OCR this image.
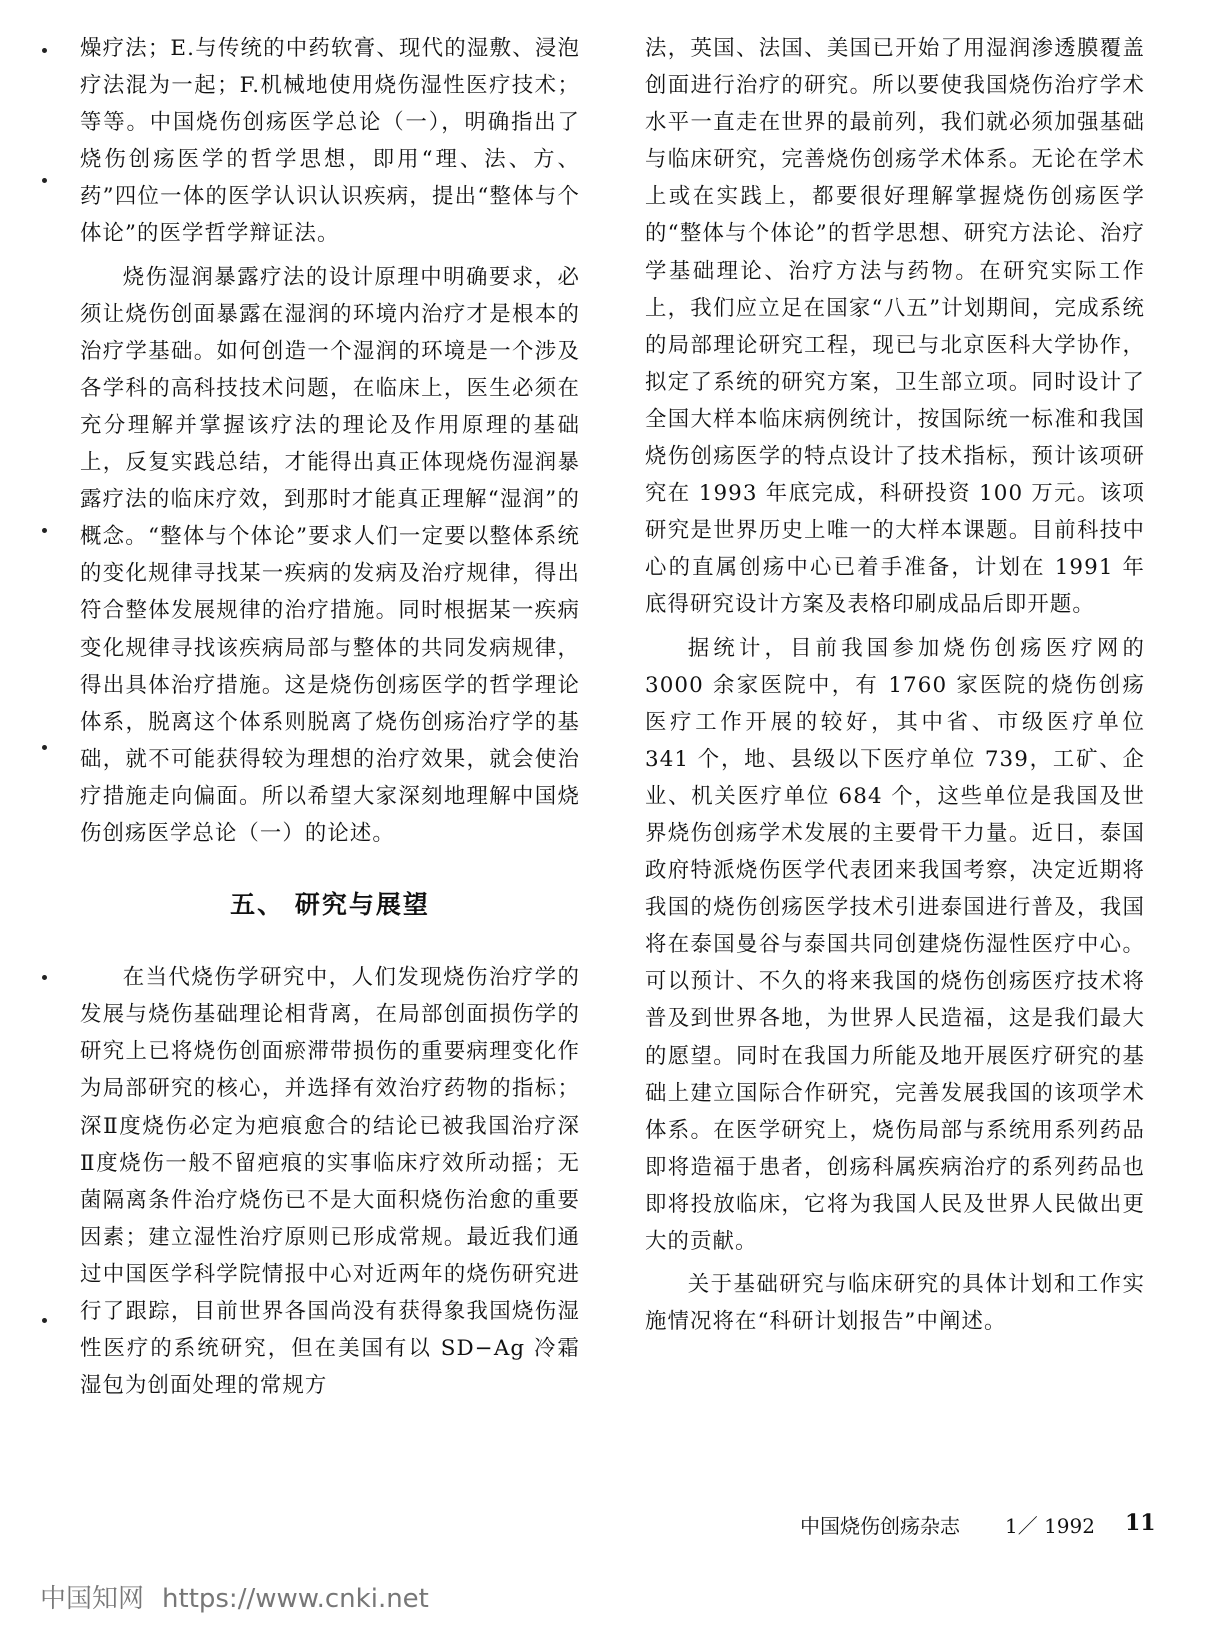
燥疗法；E.与传统的中药软膏、现代的湿敷、浸泡疗法混为一起；F.机械地使用烧伤湿性医疗技术；等等。中国烧伤创疡医学总论（一），明确指出了烧伤创疡医学的哲学思想，即用“理、法、方、药”四位一体的医学认识认识疾病，提出“整体与个体论”的医学哲学辩证法。

烧伤湿润暴露疗法的设计原理中明确要求，必须让烧伤创面暴露在湿润的环境内治疗才是根本的治疗学基础。如何创造一个湿润的环境是一个涉及各学科的高科技技术问题，在临床上，医生必须在充分理解并掌握该疗法的理论及作用原理的基础上，反复实践总结，才能得出真正体现烧伤湿润暴露疗法的临床疗效，到那时才能真正理解“湿润”的概念。“整体与个体论”要求人们一定要以整体系统的变化规律寻找某一疾病的发病及治疗规律，得出符合整体发展规律的治疗措施。同时根据某一疾病变化规律寻找该疾病局部与整体的共同发病规律，得出具体治疗措施。这是烧伤创疡医学的哲学理论体系，脱离这个体系则脱离了烧伤创疡治疗学的基础，就不可能获得较为理想的治疗效果，就会使治疗措施走向偏面。所以希望大家深刻地理解中国烧伤创疡医学总论（一）的论述。

五、 研究与展望

在当代烧伤学研究中，人们发现烧伤治疗学的发展与烧伤基础理论相背离，在局部创面损伤学的研究上已将烧伤创面瘀滞带损伤的重要病理变化作为局部研究的核心，并选择有效治疗药物的指标；深Ⅱ度烧伤必定为疤痕愈合的结论已被我国治疗深Ⅱ度烧伤一般不留疤痕的实事临床疗效所动摇；无菌隔离条件治疗烧伤已不是大面积烧伤治愈的重要因素；建立湿性治疗原则已形成常规。最近我们通过中国医学科学院情报中心对近两年的烧伤研究进行了跟踪，目前世界各国尚没有获得象我国烧伤湿性医疗的系统研究，但在美国有以 SD−Ag 冷霜湿包为创面处理的常规方

法，英国、法国、美国已开始了用湿润渗透膜覆盖创面进行治疗的研究。所以要使我国烧伤治疗学术水平一直走在世界的最前列，我们就必须加强基础与临床研究，完善烧伤创疡学术体系。无论在学术上或在实践上，都要很好理解掌握烧伤创疡医学的“整体与个体论”的哲学思想、研究方法论、治疗学基础理论、治疗方法与药物。在研究实际工作上，我们应立足在国家“八五”计划期间，完成系统的局部理论研究工程，现已与北京医科大学协作，拟定了系统的研究方案，卫生部立项。同时设计了全国大样本临床病例统计，按国际统一标准和我国烧伤创疡医学的特点设计了技术指标，预计该项研究在 1993 年底完成，科研投资 100 万元。该项研究是世界历史上唯一的大样本课题。目前科技中心的直属创疡中心已着手准备，计划在 1991 年底得研究设计方案及表格印刷成品后即开题。

据统计，目前我国参加烧伤创疡医疗网的 3000 余家医院中，有 1760 家医院的烧伤创疡医疗工作开展的较好，其中省、市级医疗单位 341 个，地、县级以下医疗单位 739，工矿、企业、机关医疗单位 684 个，这些单位是我国及世界烧伤创疡学术发展的主要骨干力量。近日，泰国政府特派烧伤医学代表团来我国考察，决定近期将我国的烧伤创疡医学技术引进泰国进行普及，我国将在泰国曼谷与泰国共同创建烧伤湿性医疗中心。可以预计、不久的将来我国的烧伤创疡医疗技术将普及到世界各地，为世界人民造福，这是我们最大的愿望。同时在我国力所能及地开展医疗研究的基础上建立国际合作研究，完善发展我国的该项学术体系。在医学研究上，烧伤局部与系统用系列药品即将造福于患者，创疡科属疾病治疗的系列药品也即将投放临床，它将为我国人民及世界人民做出更大的贡献。

关于基础研究与临床研究的具体计划和工作实施情况将在“科研计划报告”中阐述。

中国烧伤创疡杂志 1／ 1992 11
中国知网 https://www.cnki.net
